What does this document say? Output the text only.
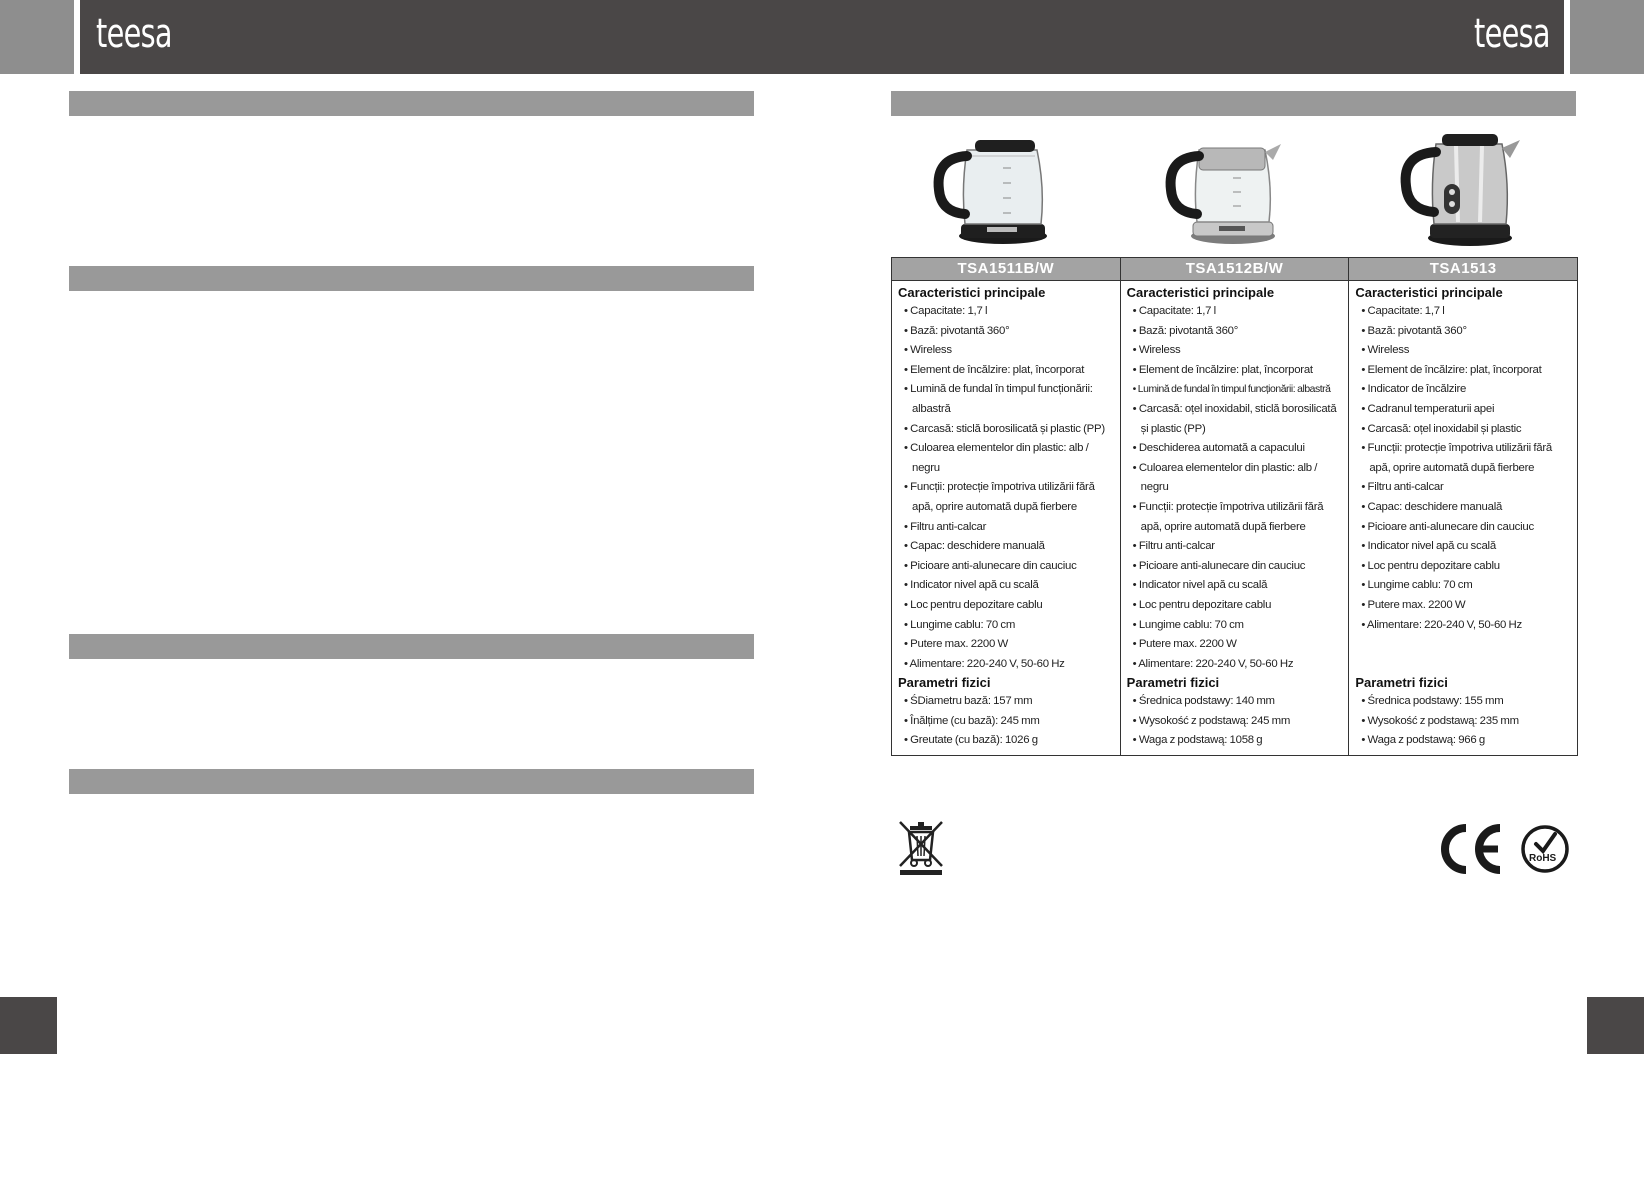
teesa	teesa
TSA1511B/W
Caracteristici principale
• Capacitate: 1,7 l
• Bază: pivotantă 360°
• Wireless
• Element de încălzire: plat, încorporat
• Lumină de fundal în timpul funcționării: albastră
• Carcasă: sticlă borosilicată și plastic (PP)
• Culoarea elementelor din plastic: alb / negru
• Funcții: protecție împotriva utilizării fără apă, oprire automată după fierbere
• Filtru anti-calcar
• Capac: deschidere manuală
• Picioare anti-alunecare din cauciuc
• Indicator nivel apă cu scală
• Loc pentru depozitare cablu
• Lungime cablu: 70 cm
• Putere max. 2200 W
• Alimentare: 220-240 V, 50-60 Hz
Parametri fizici
• ŚDiametru bază: 157 mm
• Înălțime (cu bază): 245 mm
• Greutate (cu bază): 1026 g
TSA1512B/W
Caracteristici principale
• Capacitate: 1,7 l
• Bază: pivotantă 360°
• Wireless
• Element de încălzire: plat, încorporat
• Lumină de fundal în timpul funcționării: albastră
• Carcasă: oțel inoxidabil, sticlă borosilicată și plastic (PP)
• Deschiderea automată a capacului
• Culoarea elementelor din plastic: alb / negru
• Funcții: protecție împotriva utilizării fără apă, oprire automată după fierbere
• Filtru anti-calcar
• Picioare anti-alunecare din cauciuc
• Indicator nivel apă cu scală
• Loc pentru depozitare cablu
• Lungime cablu: 70 cm
• Putere max. 2200 W
• Alimentare: 220-240 V, 50-60 Hz
Parametri fizici
• Średnica podstawy: 140 mm
• Wysokość z podstawą: 245 mm
• Waga z podstawą: 1058 g
TSA1513
Caracteristici principale
• Capacitate: 1,7 l
• Bază: pivotantă 360°
• Wireless
• Element de încălzire: plat, încorporat
• Indicator de încălzire
• Cadranul temperaturii apei
• Carcasă: oțel inoxidabil și plastic
• Funcții: protecție împotriva utilizării fără apă, oprire automată după fierbere
• Filtru anti-calcar
• Capac: deschidere manuală
• Picioare anti-alunecare din cauciuc
• Indicator nivel apă cu scală
• Loc pentru depozitare cablu
• Lungime cablu: 70 cm
• Putere max. 2200 W
• Alimentare: 220-240 V, 50-60 Hz
Parametri fizici
• Średnica podstawy: 155 mm
• Wysokość z podstawą: 235 mm
• Waga z podstawą: 966 g
RoHS
